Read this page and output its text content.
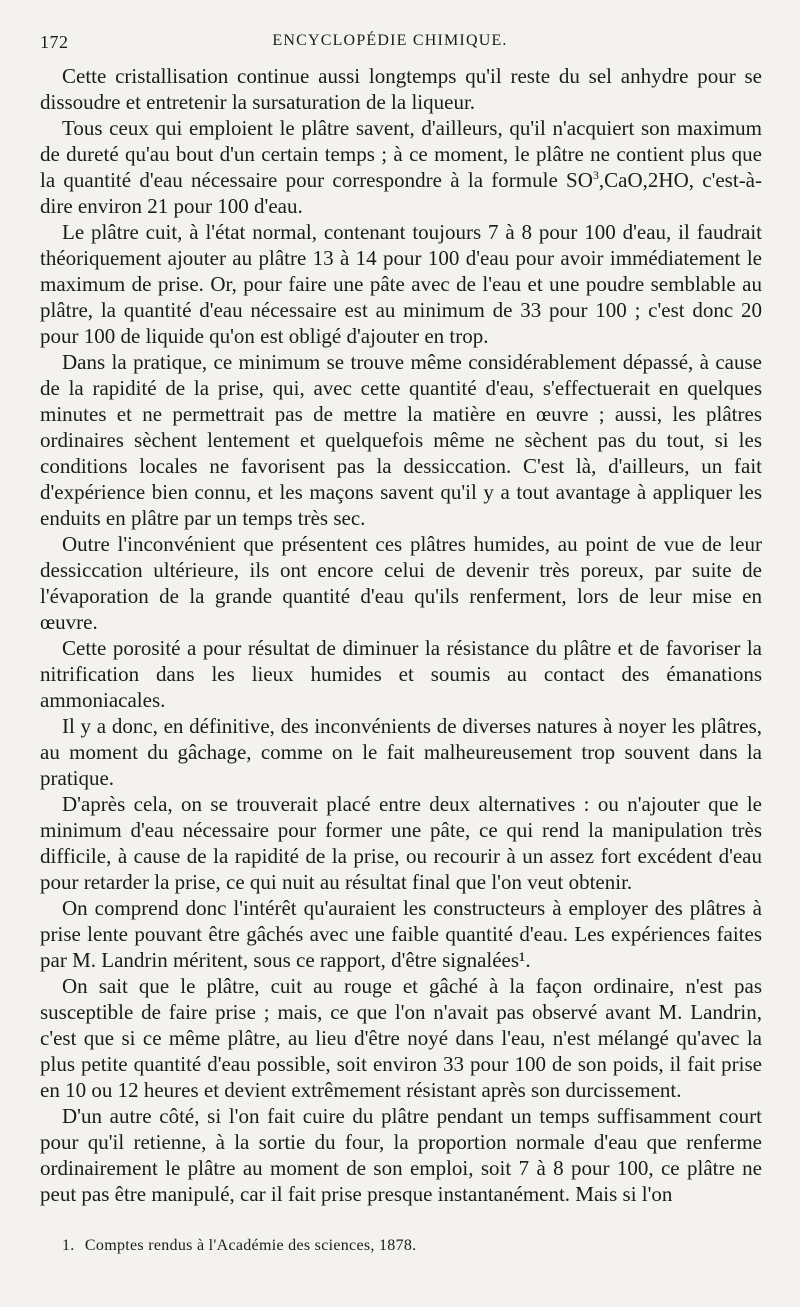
172	ENCYCLOPÉDIE CHIMIQUE.

Cette cristallisation continue aussi longtemps qu'il reste du sel anhydre pour se dissoudre et entretenir la sursaturation de la liqueur.

Tous ceux qui emploient le plâtre savent, d'ailleurs, qu'il n'acquiert son maximum de dureté qu'au bout d'un certain temps ; à ce moment, le plâtre ne contient plus que la quantité d'eau nécessaire pour correspondre à la formule $SO^3,CaO,2HO$, c'est-à-dire environ 21 pour 100 d'eau.

Le plâtre cuit, à l'état normal, contenant toujours 7 à 8 pour 100 d'eau, il faudrait théoriquement ajouter au plâtre 13 à 14 pour 100 d'eau pour avoir immédiatement le maximum de prise. Or, pour faire une pâte avec de l'eau et une poudre semblable au plâtre, la quantité d'eau nécessaire est au minimum de 33 pour 100 ; c'est donc 20 pour 100 de liquide qu'on est obligé d'ajouter en trop.

Dans la pratique, ce minimum se trouve même considérablement dépassé, à cause de la rapidité de la prise, qui, avec cette quantité d'eau, s'effectuerait en quelques minutes et ne permettrait pas de mettre la matière en œuvre ; aussi, les plâtres ordinaires sèchent lentement et quelquefois même ne sèchent pas du tout, si les conditions locales ne favorisent pas la dessiccation. C'est là, d'ailleurs, un fait d'expérience bien connu, et les maçons savent qu'il y a tout avantage à appliquer les enduits en plâtre par un temps très sec.

Outre l'inconvénient que présentent ces plâtres humides, au point de vue de leur dessiccation ultérieure, ils ont encore celui de devenir très poreux, par suite de l'évaporation de la grande quantité d'eau qu'ils renferment, lors de leur mise en œuvre.

Cette porosité a pour résultat de diminuer la résistance du plâtre et de favoriser la nitrification dans les lieux humides et soumis au contact des émanations ammoniacales.

Il y a donc, en définitive, des inconvénients de diverses natures à noyer les plâtres, au moment du gâchage, comme on le fait malheureusement trop souvent dans la pratique.

D'après cela, on se trouverait placé entre deux alternatives : ou n'ajouter que le minimum d'eau nécessaire pour former une pâte, ce qui rend la manipulation très difficile, à cause de la rapidité de la prise, ou recourir à un assez fort excédent d'eau pour retarder la prise, ce qui nuit au résultat final que l'on veut obtenir.

On comprend donc l'intérêt qu'auraient les constructeurs à employer des plâtres à prise lente pouvant être gâchés avec une faible quantité d'eau. Les expériences faites par M. Landrin méritent, sous ce rapport, d'être signalées¹.

On sait que le plâtre, cuit au rouge et gâché à la façon ordinaire, n'est pas susceptible de faire prise ; mais, ce que l'on n'avait pas observé avant M. Landrin, c'est que si ce même plâtre, au lieu d'être noyé dans l'eau, n'est mélangé qu'avec la plus petite quantité d'eau possible, soit environ 33 pour 100 de son poids, il fait prise en 10 ou 12 heures et devient extrêmement résistant après son durcissement.

D'un autre côté, si l'on fait cuire du plâtre pendant un temps suffisamment court pour qu'il retienne, à la sortie du four, la proportion normale d'eau que renferme ordinairement le plâtre au moment de son emploi, soit 7 à 8 pour 100, ce plâtre ne peut pas être manipulé, car il fait prise presque instantanément. Mais si l'on

1. Comptes rendus à l'Académie des sciences, 1878.
